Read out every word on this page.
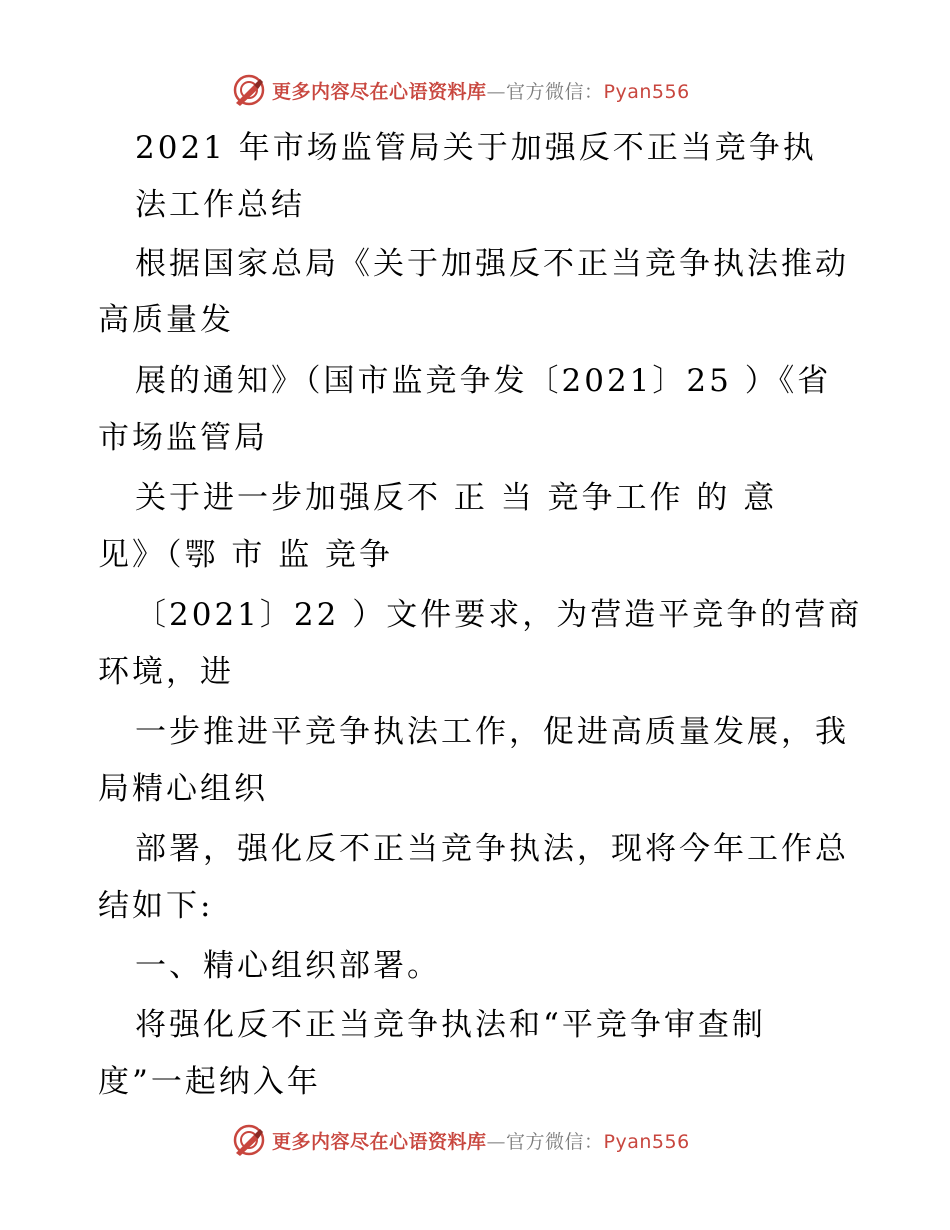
更多内容尽在心语资料库—官方微信：Pyan556
2021 年市场监管局关于加强反不正当竞争执
法工作总结
根据国家总局《关于加强反不正当竞争执法推动
高质量发
展的通知》（国市监竞争发〔2021〕25 ）《省
市场监管局
关于进一步加强反不 正 当 竞争工作 的 意
见》（鄂 市 监 竞争
〔2021〕22 ）文件要求，为营造平竞争的营商
环境，进
一步推进平竞争执法工作，促进高质量发展，我
局精心组织
部署，强化反不正当竞争执法，现将今年工作总
结如下:
一、精心组织部署。
将强化反不正当竞争执法和“平竞争审查制
度”一起纳入年
更多内容尽在心语资料库—官方微信：Pyan556
